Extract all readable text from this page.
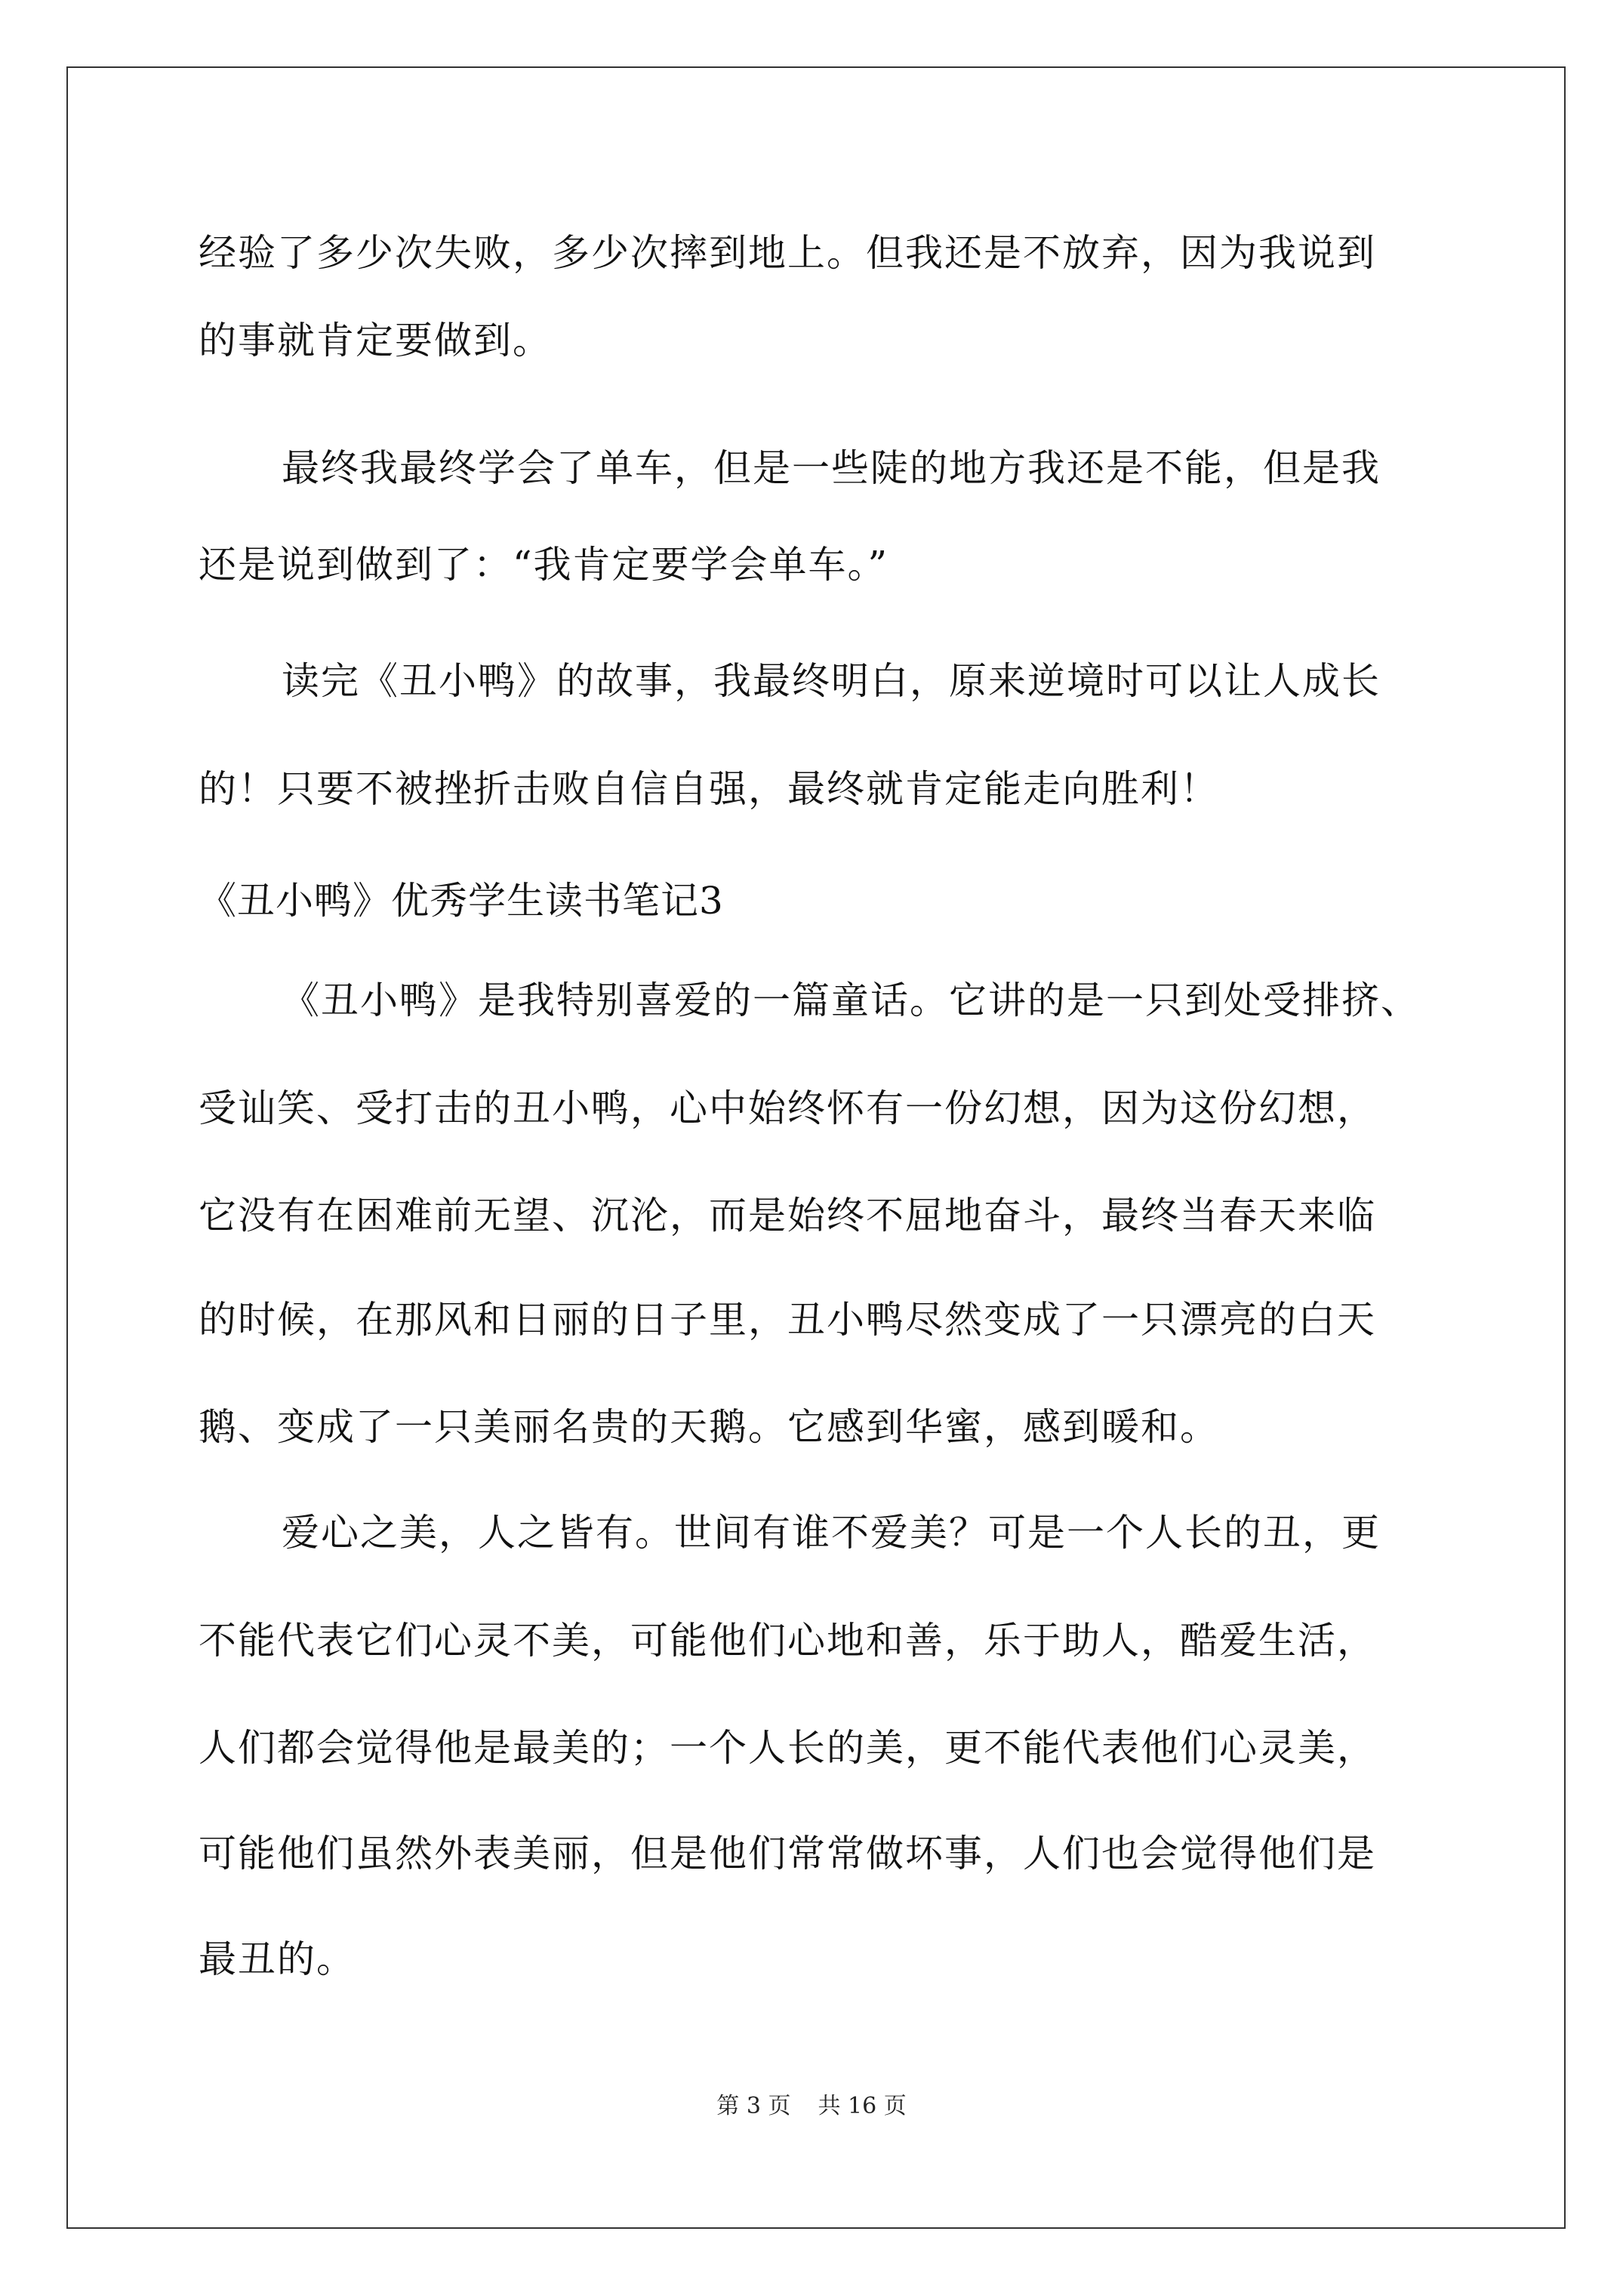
经验了多少次失败，多少次摔到地上。但我还是不放弃，因为我说到
的事就肯定要做到。
最终我最终学会了单车，但是一些陡的地方我还是不能，但是我
还是说到做到了：“我肯定要学会单车。”
读完《丑小鸭》的故事，我最终明白，原来逆境时可以让人成长
的！只要不被挫折击败自信自强，最终就肯定能走向胜利！
《丑小鸭》优秀学生读书笔记3
《丑小鸭》是我特别喜爱的一篇童话。它讲的是一只到处受排挤、
受讪笑、受打击的丑小鸭，心中始终怀有一份幻想，因为这份幻想，
它没有在困难前无望、沉沦，而是始终不屈地奋斗，最终当春天来临
的时候，在那风和日丽的日子里，丑小鸭尽然变成了一只漂亮的白天
鹅、变成了一只美丽名贵的天鹅。它感到华蜜，感到暖和。
爱心之美，人之皆有。世间有谁不爱美？可是一个人长的丑，更
不能代表它们心灵不美，可能他们心地和善，乐于助人，酷爱生活，
人们都会觉得他是最美的；一个人长的美，更不能代表他们心灵美，
可能他们虽然外表美丽，但是他们常常做坏事，人们也会觉得他们是
最丑的。
第 3 页 共 16 页
